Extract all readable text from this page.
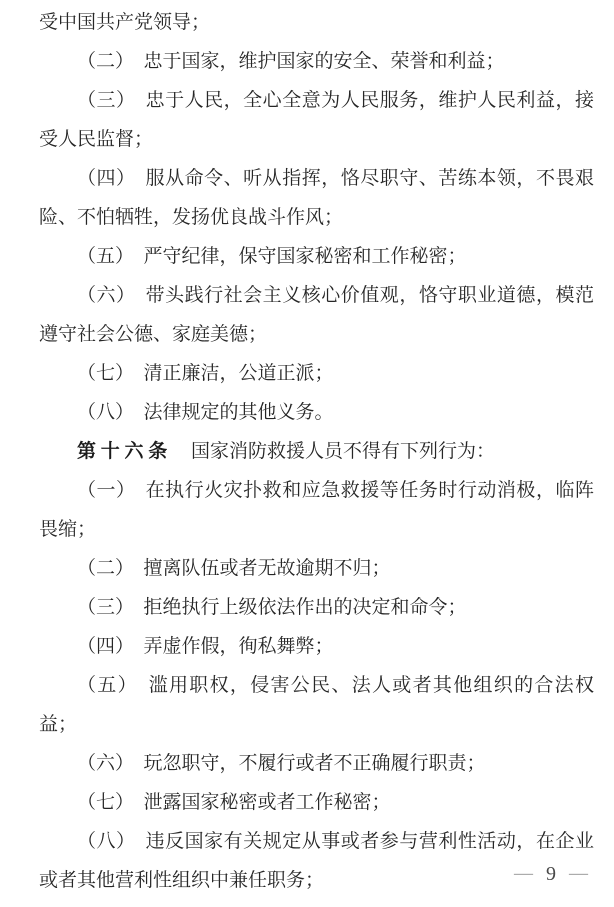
受中国共产党领导；

（二）　忠于国家，维护国家的安全、荣誉和利益；

（三）　忠于人民，全心全意为人民服务，维护人民利益，接受人民监督；

（四）　服从命令、听从指挥，恪尽职守、苦练本领，不畏艰险、不怕牺牲，发扬优良战斗作风；

（五）　严守纪律，保守国家秘密和工作秘密；

（六）　带头践行社会主义核心价值观，恪守职业道德，模范遵守社会公德、家庭美德；

（七）　清正廉洁，公道正派；

（八）　法律规定的其他义务。

第十六条　国家消防救援人员不得有下列行为：

（一）　在执行火灾扑救和应急救援等任务时行动消极，临阵畏缩；

（二）　擅离队伍或者无故逾期不归；

（三）　拒绝执行上级依法作出的决定和命令；

（四）　弄虚作假，徇私舞弊；

（五）　滥用职权，侵害公民、法人或者其他组织的合法权益；

（六）　玩忽职守，不履行或者不正确履行职责；

（七）　泄露国家秘密或者工作秘密；

（八）　违反国家有关规定从事或者参与营利性活动，在企业或者其他营利性组织中兼任职务；	— 9 —
